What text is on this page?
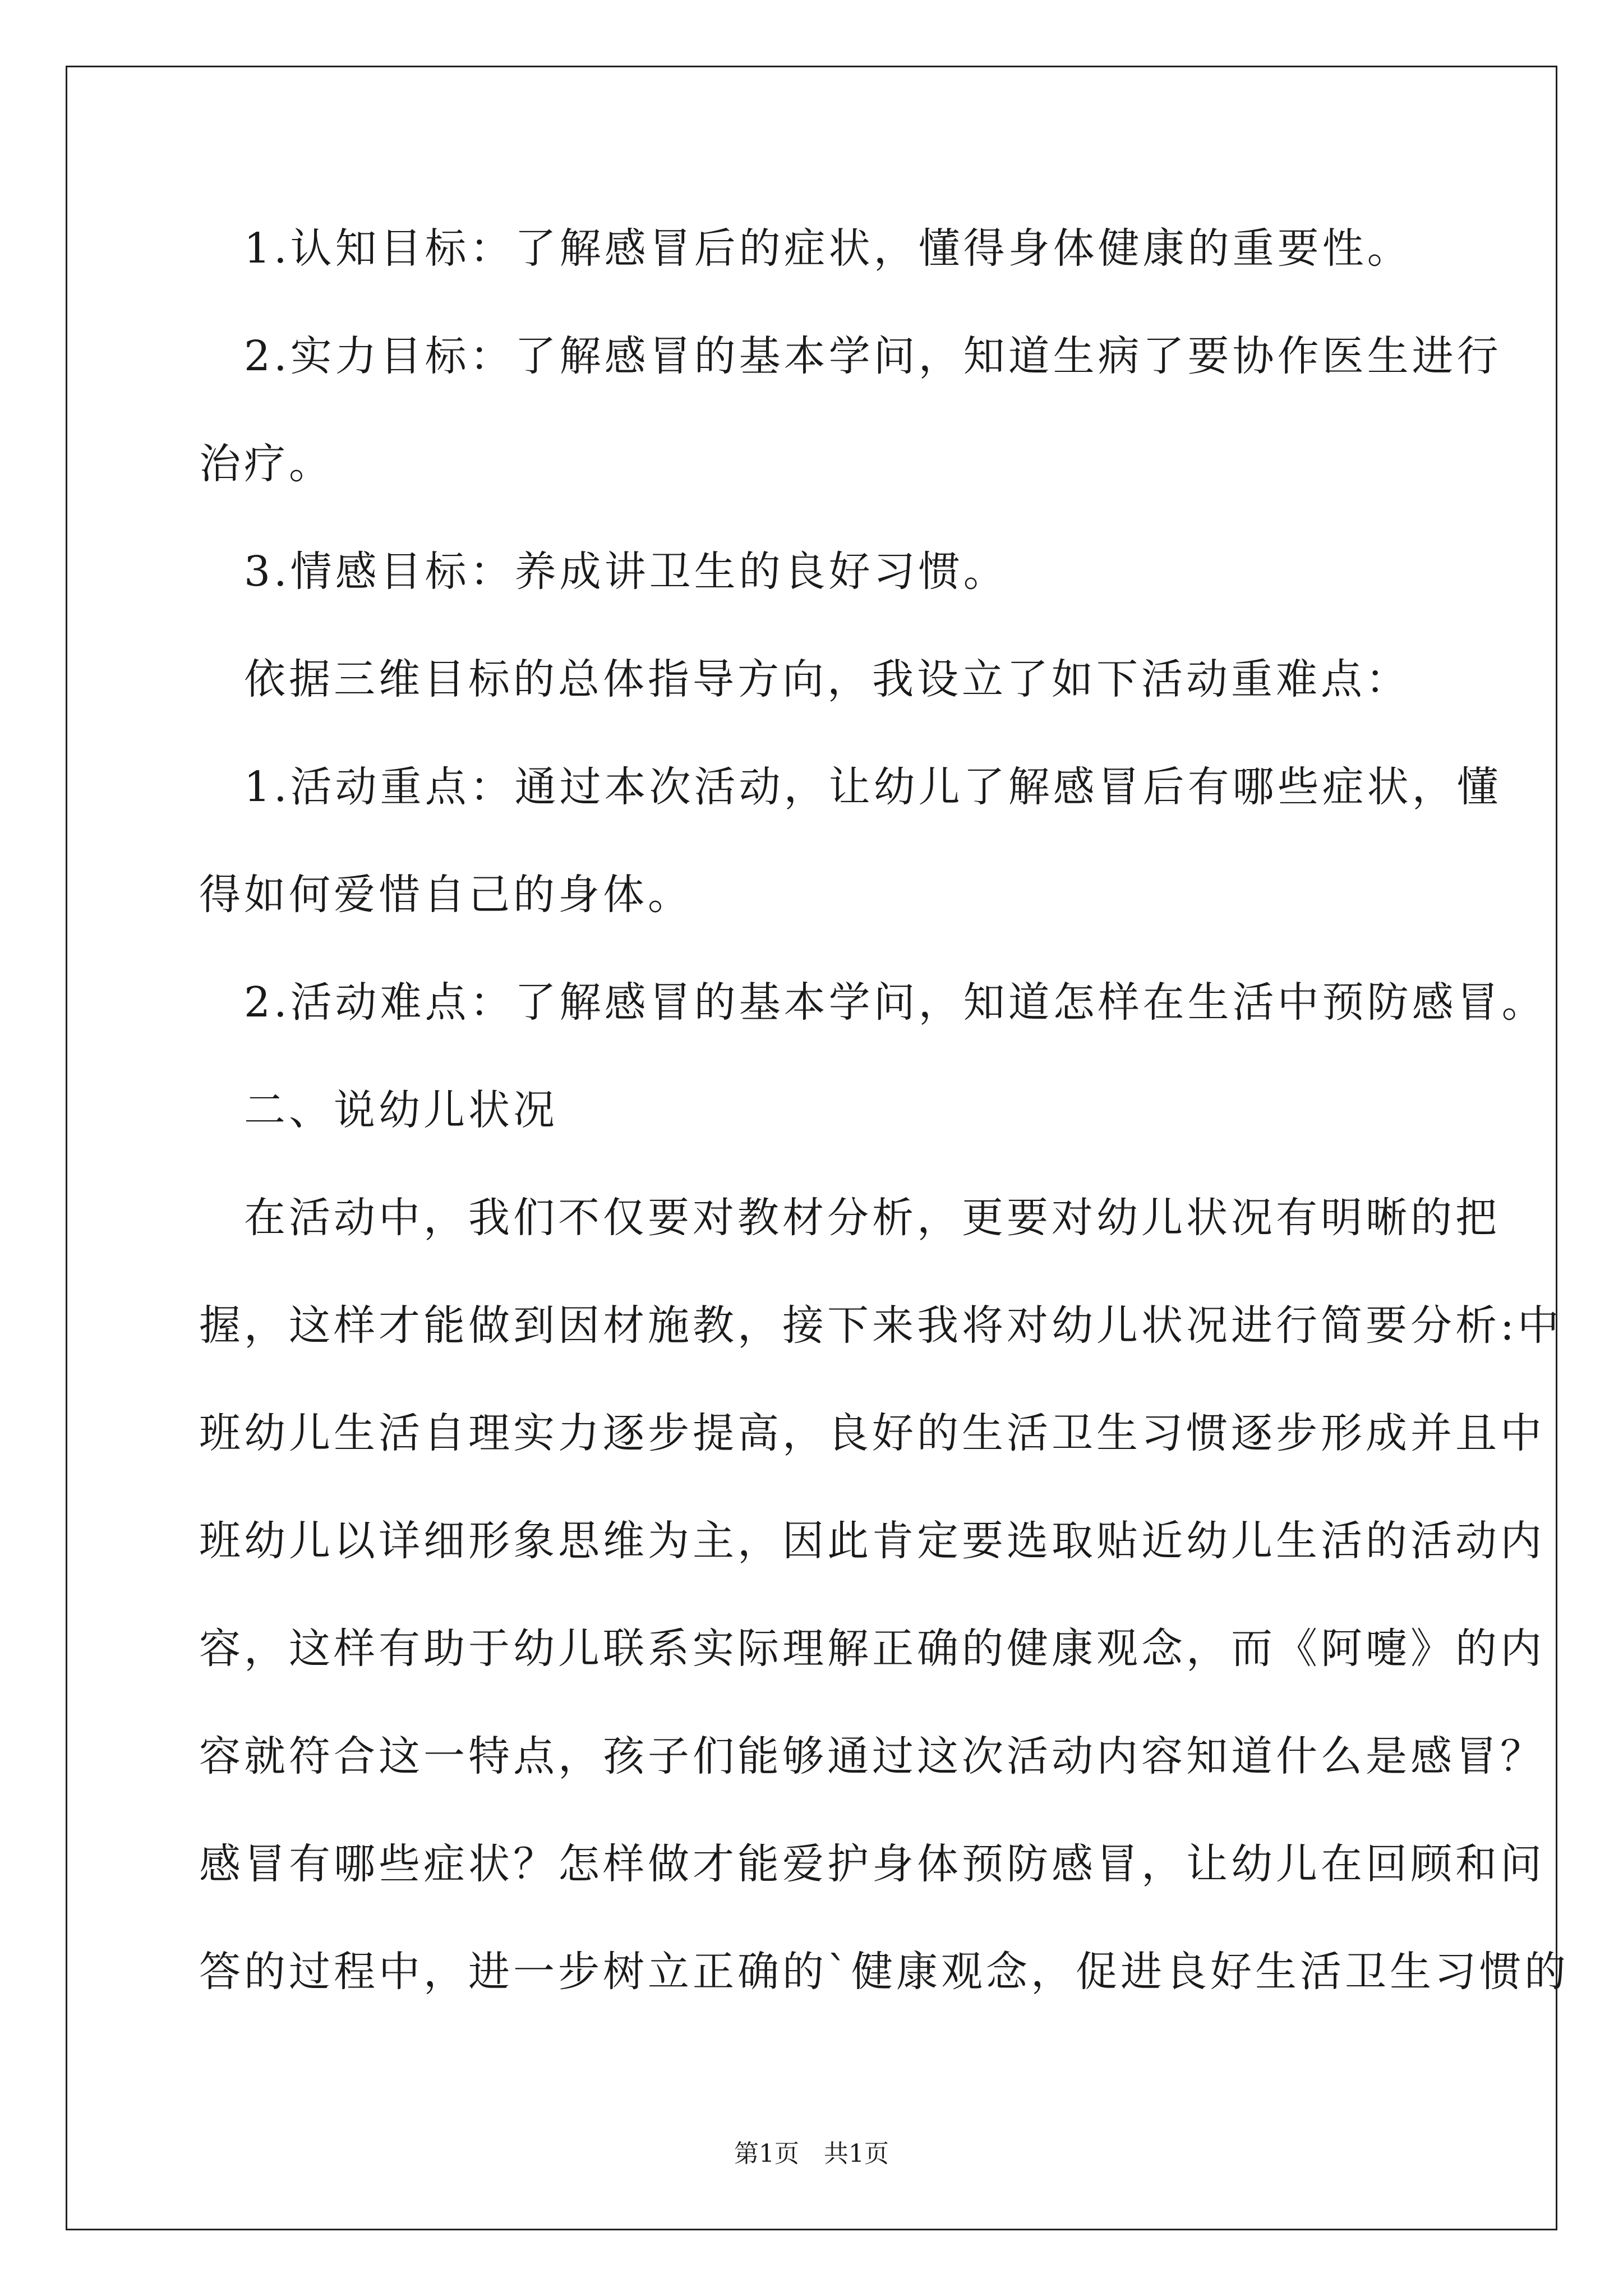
　1.认知目标：了解感冒后的症状，懂得身体健康的重要性。
　2.实力目标：了解感冒的基本学问，知道生病了要协作医生进行
治疗。
　3.情感目标：养成讲卫生的良好习惯。
　依据三维目标的总体指导方向，我设立了如下活动重难点：
　1.活动重点：通过本次活动，让幼儿了解感冒后有哪些症状，懂
得如何爱惜自己的身体。
　2.活动难点：了解感冒的基本学问，知道怎样在生活中预防感冒。
　二、说幼儿状况
　在活动中，我们不仅要对教材分析，更要对幼儿状况有明晰的把
握，这样才能做到因材施教，接下来我将对幼儿状况进行简要分析:中
班幼儿生活自理实力逐步提高，良好的生活卫生习惯逐步形成并且中
班幼儿以详细形象思维为主，因此肯定要选取贴近幼儿生活的活动内
容，这样有助于幼儿联系实际理解正确的健康观念，而《阿嚏》的内
容就符合这一特点，孩子们能够通过这次活动内容知道什么是感冒？
感冒有哪些症状？怎样做才能爱护身体预防感冒，让幼儿在回顾和问
答的过程中，进一步树立正确的`健康观念，促进良好生活卫生习惯的
第1页　共1页
